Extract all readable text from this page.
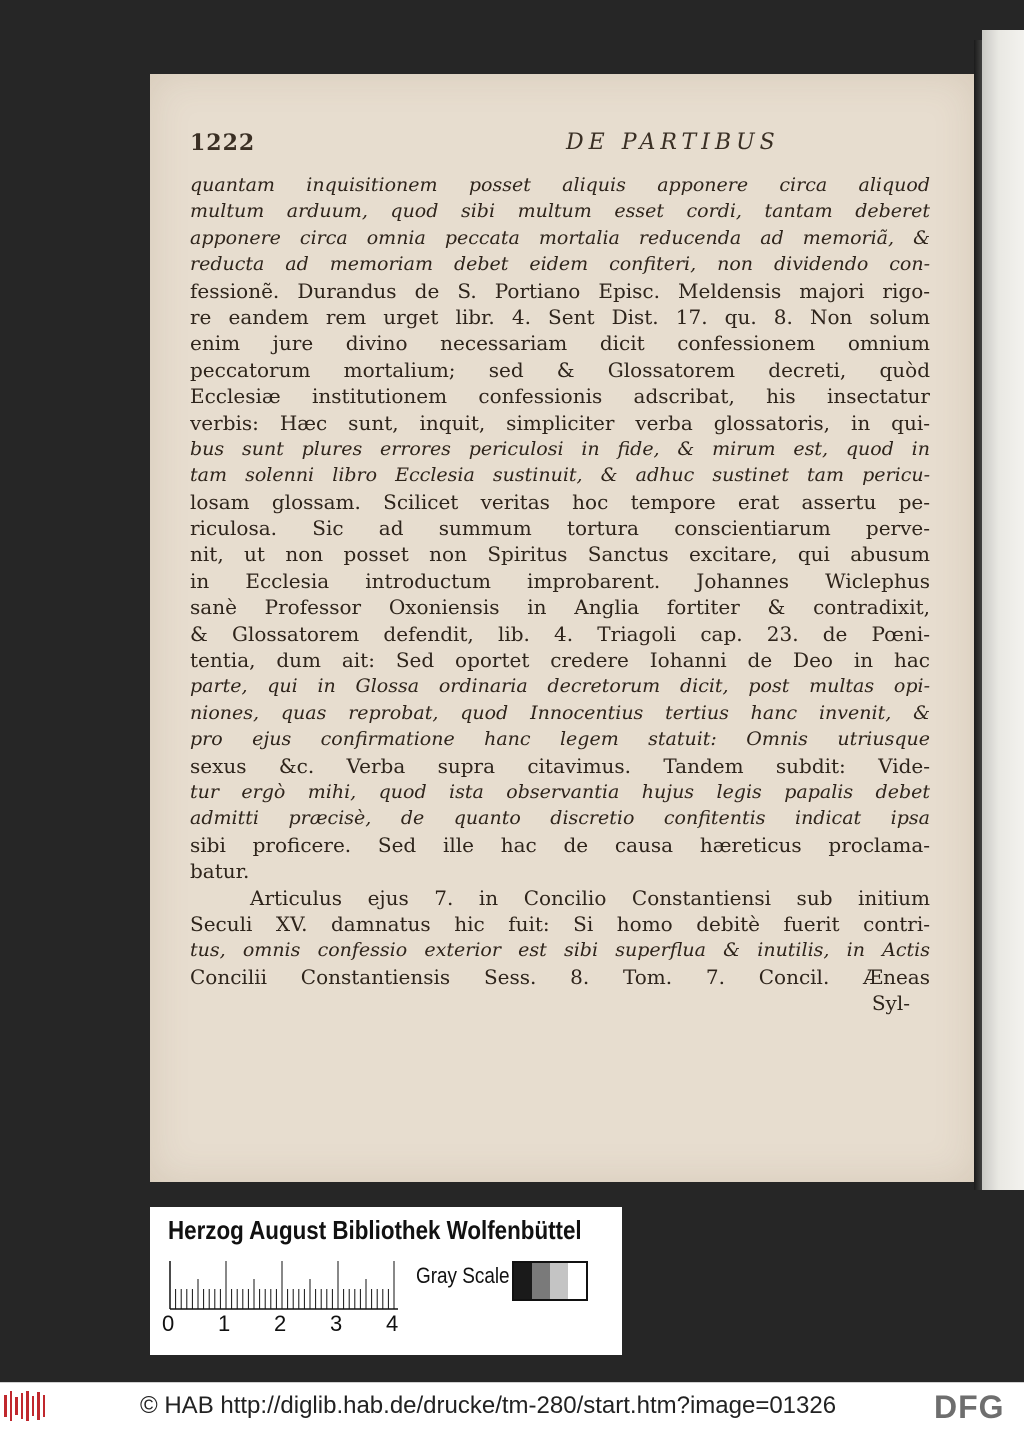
1222	DE PARTIBUS
quantam inquisitionem posset aliquis apponere circa aliquod
multum arduum, quod sibi multum esset cordi, tantam deberet
apponere circa omnia peccata mortalia reducenda ad memoriã, &
reducta ad memoriam debet eidem confiteri, non dividendo con-
fessionẽ. Durandus de S. Portiano Episc. Meldensis majori rigo-
re eandem rem urget libr. 4. Sent Dist. 17. qu. 8. Non solum
enim jure divino necessariam dicit confessionem omnium
peccatorum mortalium; sed & Glossatorem decreti, quòd
Ecclesiæ institutionem confessionis adscribat, his insectatur
verbis: Hæc sunt, inquit, simpliciter verba glossatoris, in qui-
bus sunt plures errores periculosi in fide, & mirum est, quod in
tam solenni libro Ecclesia sustinuit, & adhuc sustinet tam pericu-
losam glossam. Scilicet veritas hoc tempore erat assertu pe-
riculosa. Sic ad summum tortura conscientiarum perve-
nit, ut non posset non Spiritus Sanctus excitare, qui abusum
in Ecclesia introductum improbarent. Johannes Wiclephus
sanè Professor Oxoniensis in Anglia fortiter & contradixit,
& Glossatorem defendit, lib. 4. Triagoli cap. 23. de Pœni-
tentia, dum ait: Sed oportet credere Iohanni de Deo in hac
parte, qui in Glossa ordinaria decretorum dicit, post multas opi-
niones, quas reprobat, quod Innocentius tertius hanc invenit, &
pro ejus confirmatione hanc legem statuit: Omnis utriusque
sexus &c. Verba supra citavimus. Tandem subdit: Vide-
tur ergò mihi, quod ista observantia hujus legis papalis debet
admitti præcisè, de quanto discretio confitentis indicat ipsa
sibi proficere. Sed ille hac de causa hæreticus proclama-
batur.
Articulus ejus 7. in Concilio Constantiensi sub initium
Seculi XV. damnatus hic fuit: Si homo debitè fuerit contri-
tus, omnis confessio exterior est sibi superflua & inutilis, in Actis
Concilii Constantiensis Sess. 8. Tom. 7. Concil. Æneas
Syl-
Herzog August Bibliothek Wolfenbüttel
0 1 2 3 4
Gray Scale
© HAB http://diglib.hab.de/drucke/tm-280/start.htm?image=01326	DFG
